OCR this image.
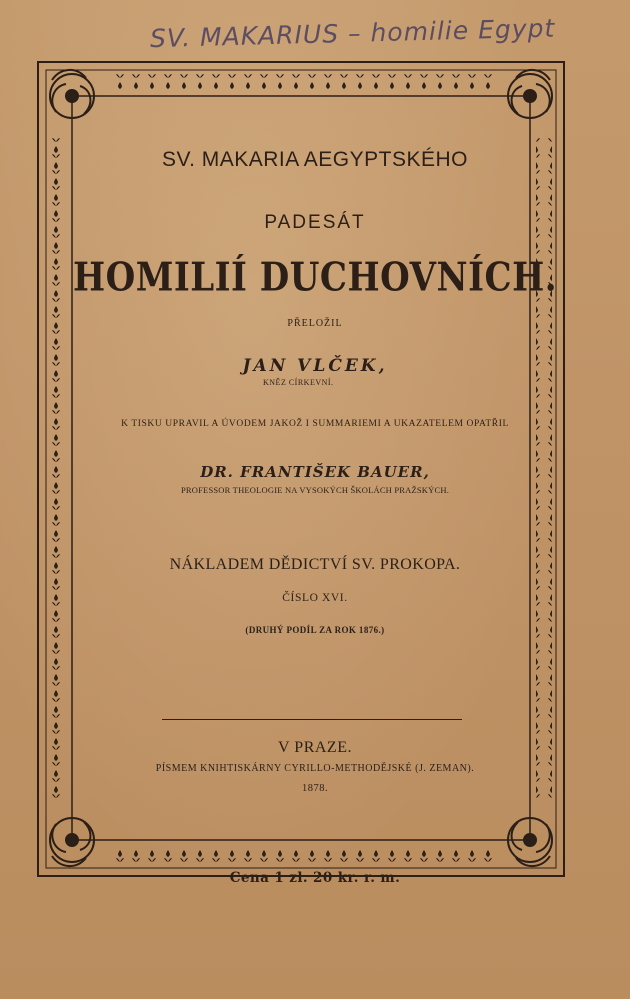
SV. MAKARIUS – homilie Egypt
SV. MAKARIA AEGYPTSKÉHO
PADESÁT
HOMILIÍ DUCHOVNÍCH.
PŘELOŽIL
JAN VLČEK,
KNĚZ CÍRKEVNÍ.
K TISKU UPRAVIL A ÚVODEM JAKOŽ I SUMMARIEMI A UKAZATELEM OPATŘIL
DR. FRANTIŠEK BAUER,
PROFESSOR THEOLOGIE NA VYSOKÝCH ŠKOLÁCH PRAŽSKÝCH.
NÁKLADEM DĚDICTVÍ SV. PROKOPA.
ČÍSLO XVI.
(DRUHÝ PODÍL ZA ROK 1876.)
V PRAZE.
PÍSMEM KNIHTISKÁRNY CYRILLO-METHODĚJSKÉ (J. ZEMAN).
1878.
Cena 1 zl. 20 kr. r. m.
